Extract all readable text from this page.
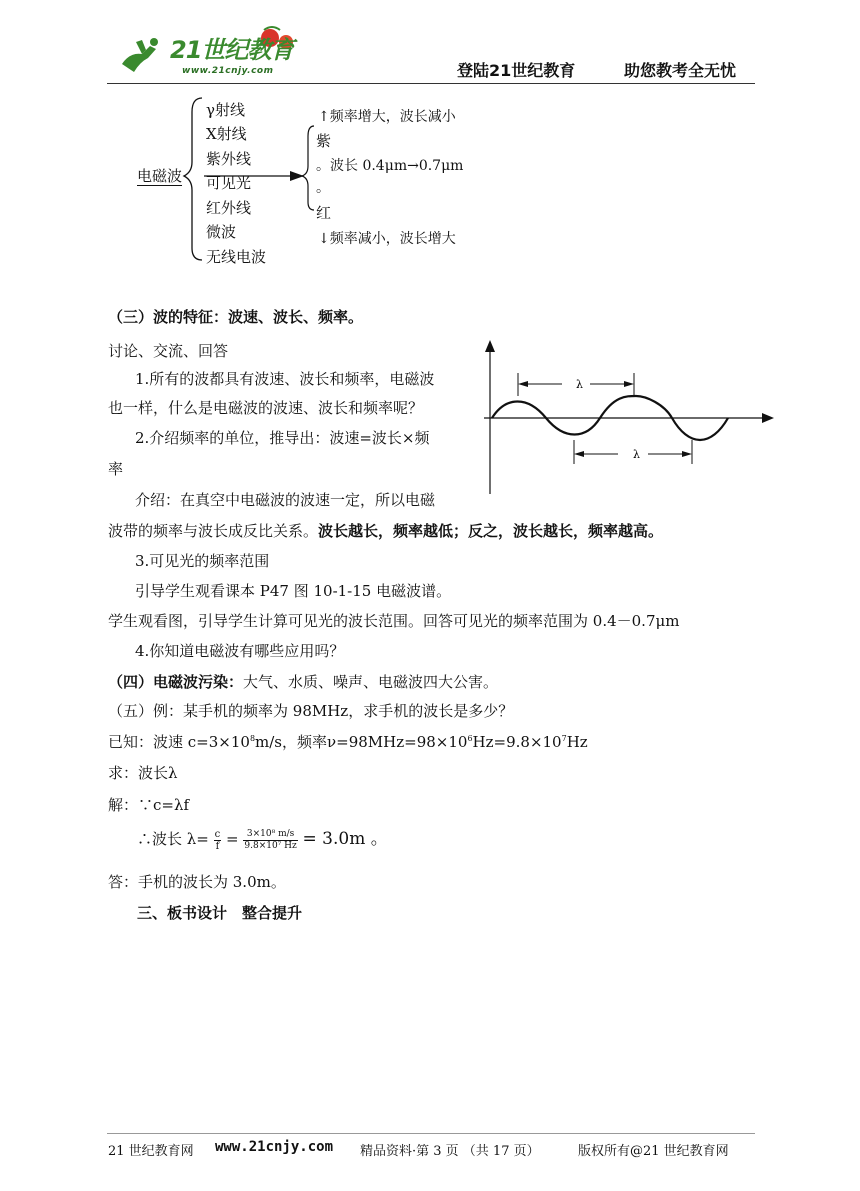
21世纪教育
www.21cnjy.com	登陆21世纪教育	助您教考全无忧
电磁波
γ射线
Χ射线
紫外线
可见光
红外线
微波
无线电波
↑频率增大，波长减小
紫
。波长 0.4μm→0.7μm
。
红
↓频率减小，波长增大
（三）波的特征：波速、波长、频率。
讨论、交流、回答
1.所有的波都具有波速、波长和频率，电磁波
也一样，什么是电磁波的波速、波长和频率呢？
2.介绍频率的单位，推导出：波速=波长×频
率
介绍：在真空中电磁波的波速一定，所以电磁
波带的频率与波长成反比关系。波长越长，频率越低；反之，波长越长，频率越高。
λ
λ
3.可见光的频率范围
引导学生观看课本 P47 图 10-1-15 电磁波谱。
学生观看图，引导学生计算可见光的波长范围。回答可见光的频率范围为 0.4－0.7μm
4.你知道电磁波有哪些应用吗？
（四）电磁波污染：大气、水质、噪声、电磁波四大公害。
（五）例：某手机的频率为 98MHz，求手机的波长是多少？
已知：波速 $c=3\times 10^8m/s$，频率$\nu=98MHz=98\times 10^6Hz=9.8\times 10^7Hz$
求：波长λ
解：∵c=λf
∴波长 $\lambda= \frac{c}{f} = \frac{\text{3×10⁸ m/s}}{\text{9.8×10⁷ Hz}} = 3.0m$ 。
答：手机的波长为 3.0m。
三、板书设计　整合提升
21 世纪教育网 www.21cnjy.com 精品资料·第 3 页 （共 17 页）	版权所有@21 世纪教育网
